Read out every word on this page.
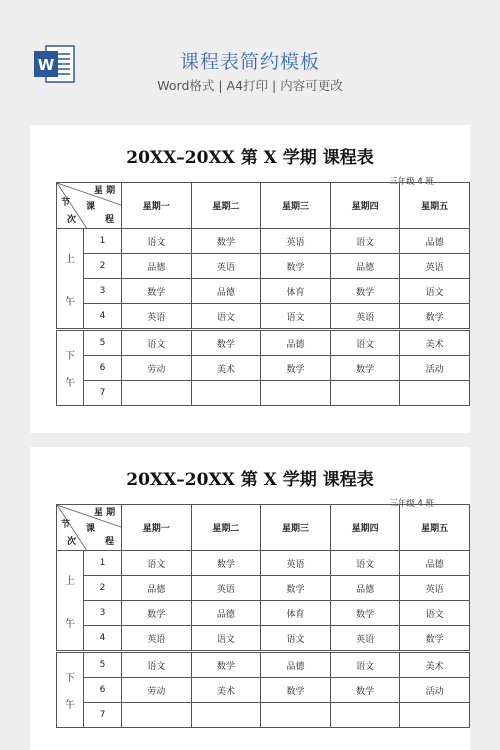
W	课程表简约模板
Word格式 | A4打印 | 内容可更改
20XX–20XX 第 X 学期 课程表
三年级 4 班
星 期
课
节
次 程		星期一	星期二	星期三	星期四	星期五

上
午	1	语文	数学	英语	语文	品德
	2	品德	英语	数学	品德	英语
	3	数学	品德	体育	数学	语文
	4	英语	语文	语文	英语	数学

下
午	5	语文	数学	品德	语文	美术
	6	劳动	美术	数学	数学	活动
	7					
20XX–20XX 第 X 学期 课程表
三年级 4 班
星 期
课
节
次 程		星期一	星期二	星期三	星期四	星期五

上
午	1	语文	数学	英语	语文	品德
	2	品德	英语	数学	品德	英语
	3	数学	品德	体育	数学	语文
	4	英语	语文	语文	英语	数学

下
午	5	语文	数学	品德	语文	美术
	6	劳动	美术	数学	数学	活动
	7					
